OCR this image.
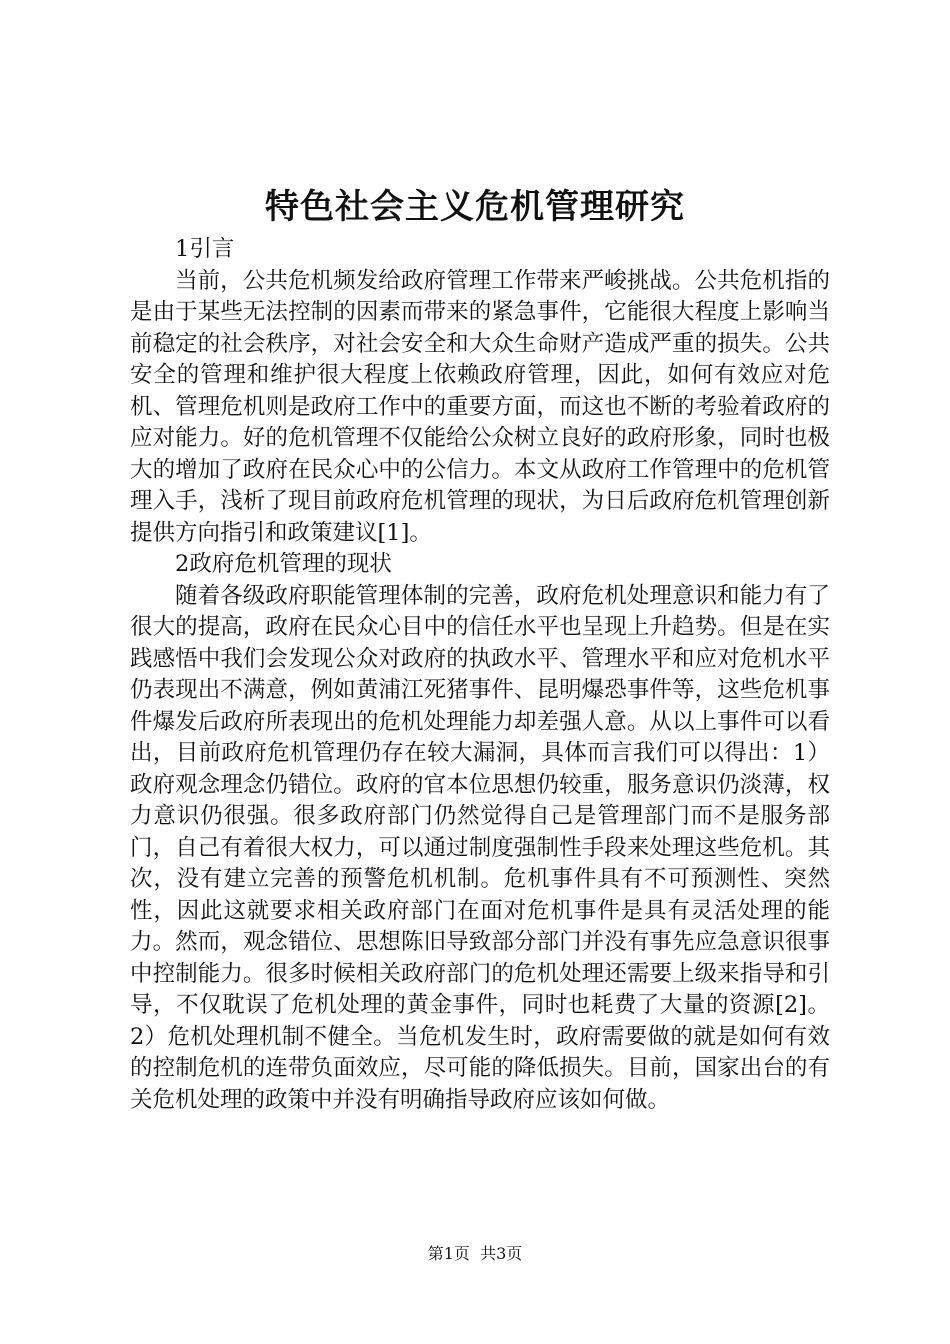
特色社会主义危机管理研究
1引言

当前，公共危机频发给政府管理工作带来严峻挑战。公共危机指的是由于某些无法控制的因素而带来的紧急事件，它能很大程度上影响当前稳定的社会秩序，对社会安全和大众生命财产造成严重的损失。公共安全的管理和维护很大程度上依赖政府管理，因此，如何有效应对危机、管理危机则是政府工作中的重要方面，而这也不断的考验着政府的应对能力。好的危机管理不仅能给公众树立良好的政府形象，同时也极大的增加了政府在民众心中的公信力。本文从政府工作管理中的危机管理入手，浅析了现目前政府危机管理的现状，为日后政府危机管理创新提供方向指引和政策建议[1]。

2政府危机管理的现状

随着各级政府职能管理体制的完善，政府危机处理意识和能力有了很大的提高，政府在民众心目中的信任水平也呈现上升趋势。但是在实践感悟中我们会发现公众对政府的执政水平、管理水平和应对危机水平仍表现出不满意，例如黄浦江死猪事件、昆明爆恐事件等，这些危机事件爆发后政府所表现出的危机处理能力却差强人意。从以上事件可以看出，目前政府危机管理仍存在较大漏洞，具体而言我们可以得出：1）政府观念理念仍错位。政府的官本位思想仍较重，服务意识仍淡薄，权力意识仍很强。很多政府部门仍然觉得自己是管理部门而不是服务部门，自己有着很大权力，可以通过制度强制性手段来处理这些危机。其次，没有建立完善的预警危机机制。危机事件具有不可预测性、突然性，因此这就要求相关政府部门在面对危机事件是具有灵活处理的能力。然而，观念错位、思想陈旧导致部分部门并没有事先应急意识很事中控制能力。很多时候相关政府部门的危机处理还需要上级来指导和引导，不仅耽误了危机处理的黄金事件，同时也耗费了大量的资源[2]。2）危机处理机制不健全。当危机发生时，政府需要做的就是如何有效的控制危机的连带负面效应，尽可能的降低损失。目前，国家出台的有关危机处理的政策中并没有明确指导政府应该如何做。

第1页 共3页
